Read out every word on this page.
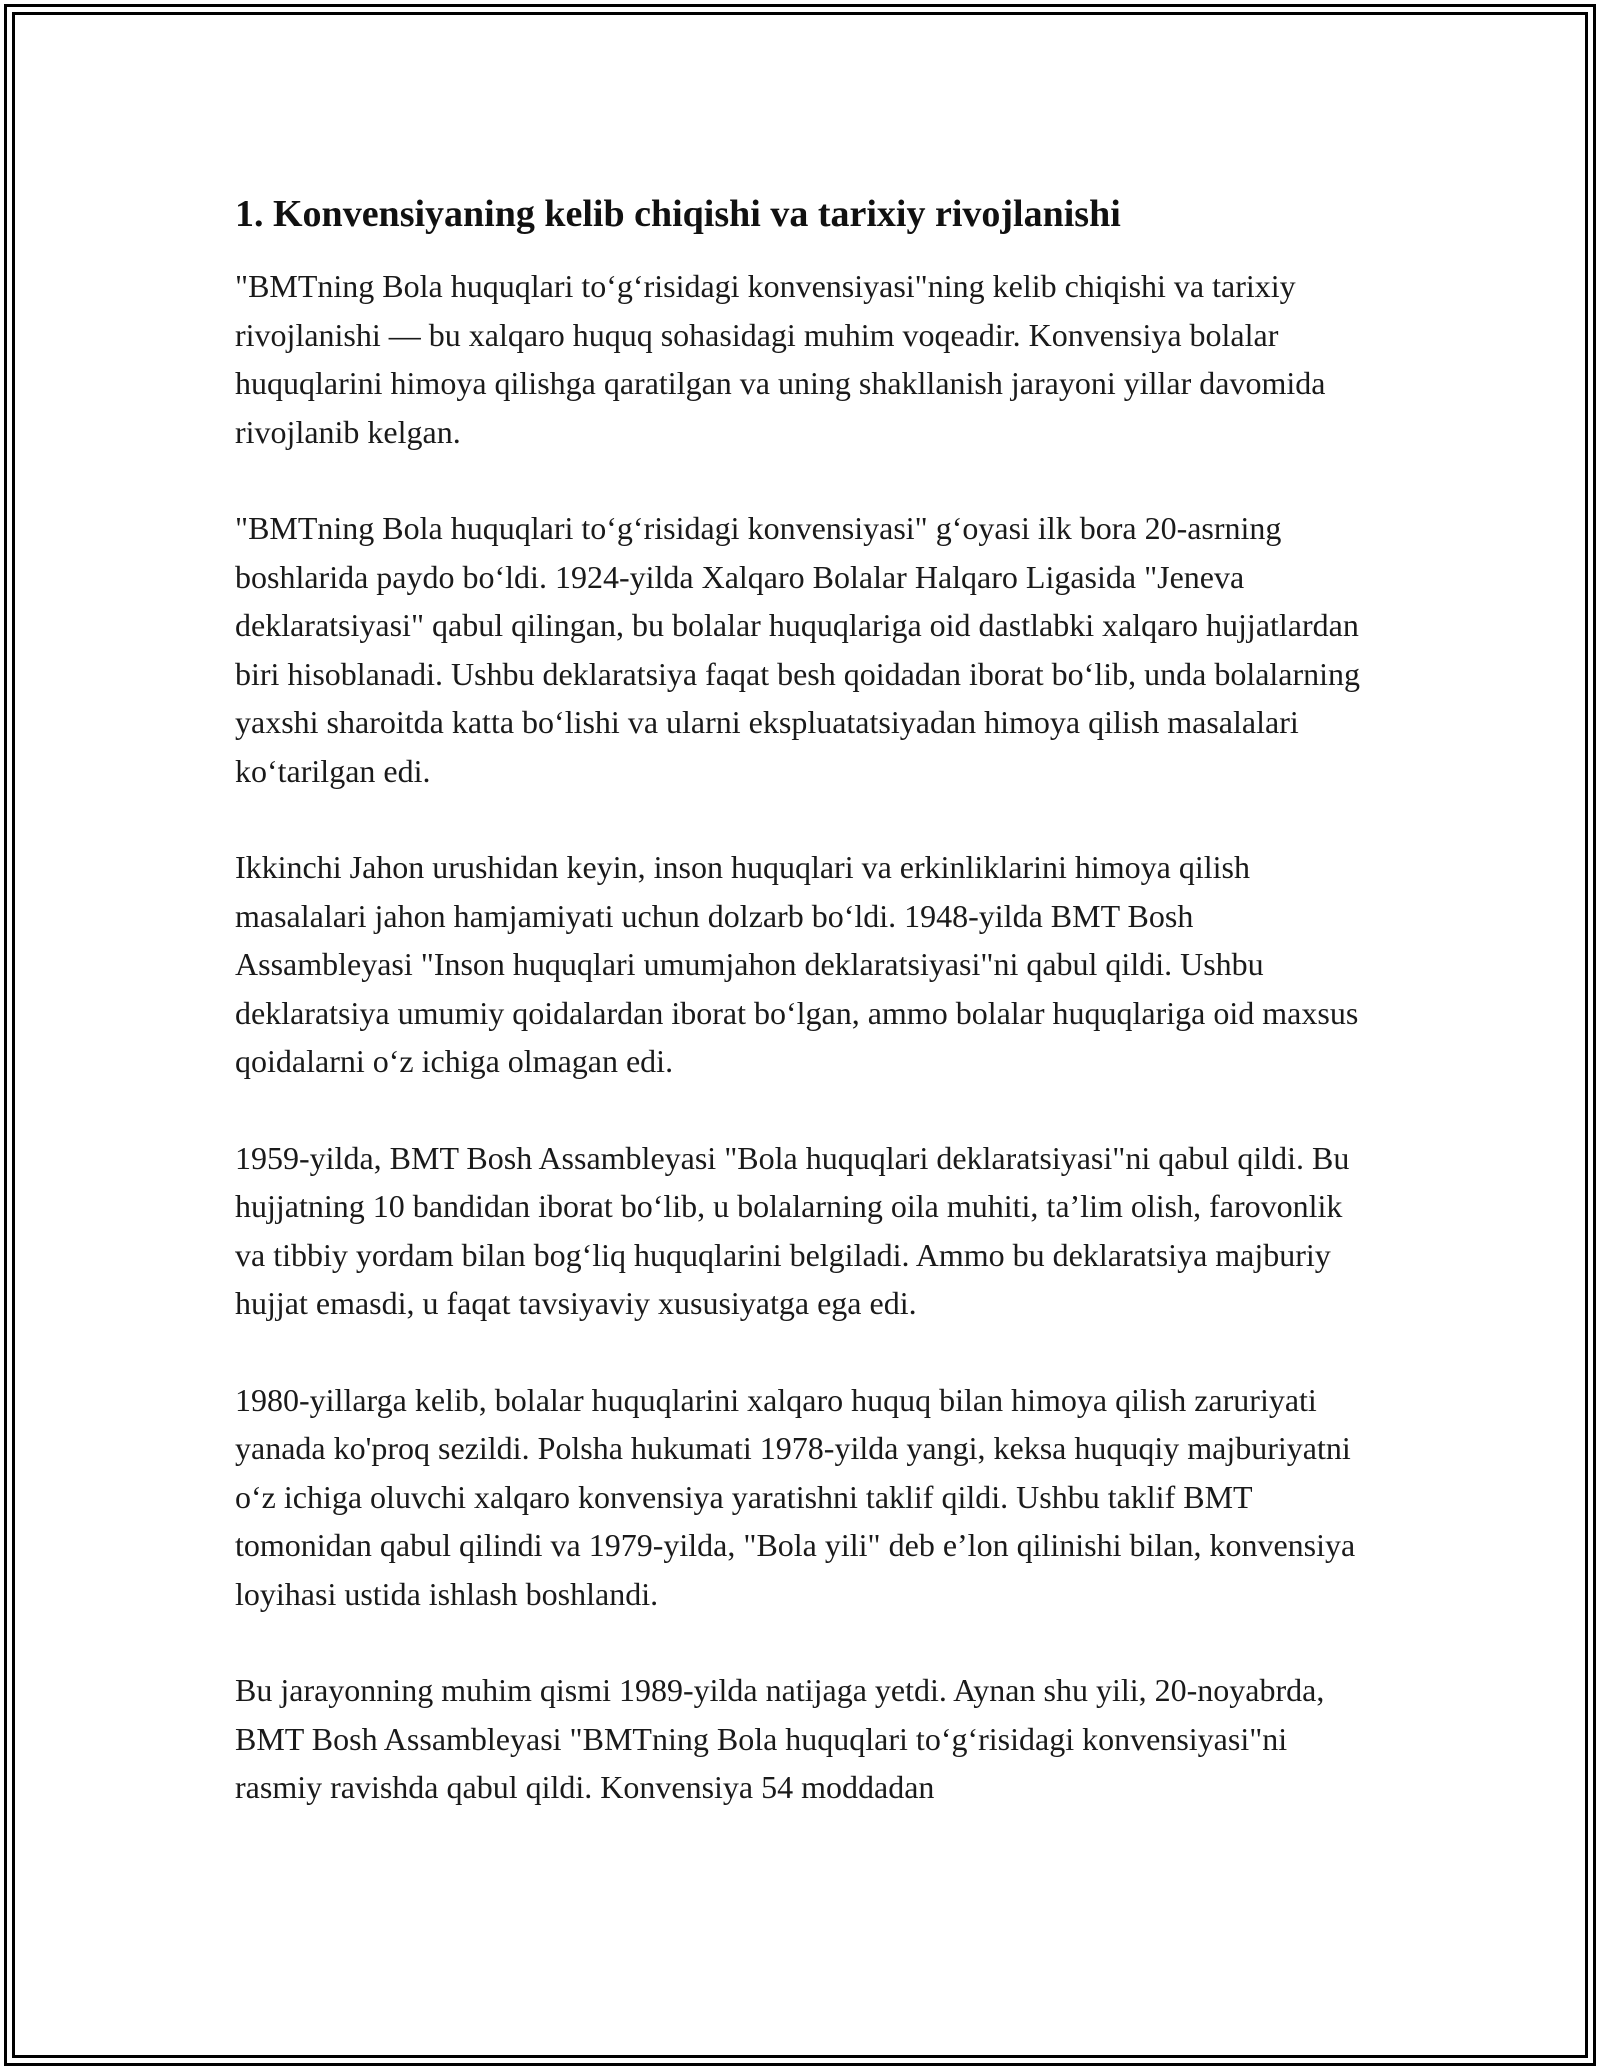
1. Konvensiyaning kelib chiqishi va tarixiy rivojlanishi

"BMTning Bola huquqlari to‘g‘risidagi konvensiyasi"ning kelib chiqishi va tarixiy rivojlanishi — bu xalqaro huquq sohasidagi muhim voqeadir. Konvensiya bolalar huquqlarini himoya qilishga qaratilgan va uning shakllanish jarayoni yillar davomida rivojlanib kelgan.

"BMTning Bola huquqlari to‘g‘risidagi konvensiyasi" g‘oyasi ilk bora 20-asrning boshlarida paydo bo‘ldi. 1924-yilda Xalqaro Bolalar Halqaro Ligasida "Jeneva deklaratsiyasi" qabul qilingan, bu bolalar huquqlariga oid dastlabki xalqaro hujjatlardan biri hisoblanadi. Ushbu deklaratsiya faqat besh qoidadan iborat bo‘lib, unda bolalarning yaxshi sharoitda katta bo‘lishi va ularni ekspluatatsiyadan himoya qilish masalalari ko‘tarilgan edi.

Ikkinchi Jahon urushidan keyin, inson huquqlari va erkinliklarini himoya qilish masalalari jahon hamjamiyati uchun dolzarb bo‘ldi. 1948-yilda BMT Bosh Assambleyasi "Inson huquqlari umumjahon deklaratsiyasi"ni qabul qildi. Ushbu deklaratsiya umumiy qoidalardan iborat bo‘lgan, ammo bolalar huquqlariga oid maxsus qoidalarni o‘z ichiga olmagan edi.

1959-yilda, BMT Bosh Assambleyasi "Bola huquqlari deklaratsiyasi"ni qabul qildi. Bu hujjatning 10 bandidan iborat bo‘lib, u bolalarning oila muhiti, ta’lim olish, farovonlik va tibbiy yordam bilan bog‘liq huquqlarini belgiladi. Ammo bu deklaratsiya majburiy hujjat emasdi, u faqat tavsiyaviy xususiyatga ega edi.

1980-yillarga kelib, bolalar huquqlarini xalqaro huquq bilan himoya qilish zaruriyati yanada ko'proq sezildi. Polsha hukumati 1978-yilda yangi, keksa huquqiy majburiyatni o‘z ichiga oluvchi xalqaro konvensiya yaratishni taklif qildi. Ushbu taklif BMT tomonidan qabul qilindi va 1979-yilda, "Bola yili" deb e’lon qilinishi bilan, konvensiya loyihasi ustida ishlash boshlandi.

Bu jarayonning muhim qismi 1989-yilda natijaga yetdi. Aynan shu yili, 20-noyabrda, BMT Bosh Assambleyasi "BMTning Bola huquqlari to‘g‘risidagi konvensiyasi"ni rasmiy ravishda qabul qildi. Konvensiya 54 moddadan
